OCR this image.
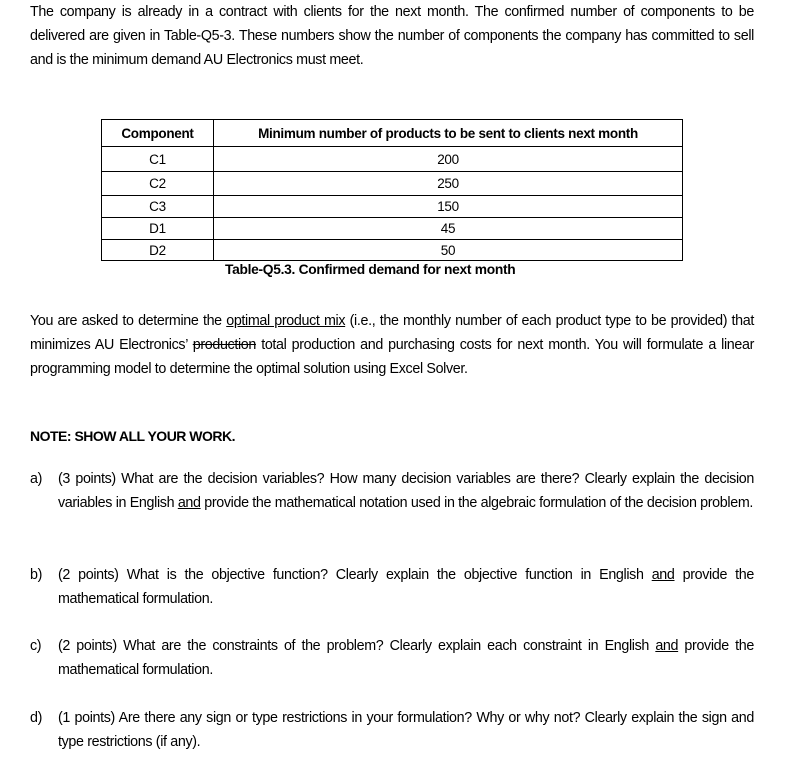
The company is already in a contract with clients for the next month. The confirmed number of components to be delivered are given in Table-Q5-3. These numbers show the number of components the company has committed to sell and is the minimum demand AU Electronics must meet.
Component	Minimum number of products to be sent to clients next month
C1	200
C2	250
C3	150
D1	45
D2	50
Table-Q5.3. Confirmed demand for next month
You are asked to determine the optimal product mix (i.e., the monthly number of each product type to be provided) that minimizes AU Electronics’ production total production and purchasing costs for next month. You will formulate a linear programming model to determine the optimal solution using Excel Solver.
NOTE: SHOW ALL YOUR WORK.
a) (3 points) What are the decision variables? How many decision variables are there? Clearly explain the decision variables in English and provide the mathematical notation used in the algebraic formulation of the decision problem.
b) (2 points) What is the objective function? Clearly explain the objective function in English and provide the mathematical formulation.
c) (2 points) What are the constraints of the problem? Clearly explain each constraint in English and provide the mathematical formulation.
d) (1 points) Are there any sign or type restrictions in your formulation? Why or why not? Clearly explain the sign and type restrictions (if any).
